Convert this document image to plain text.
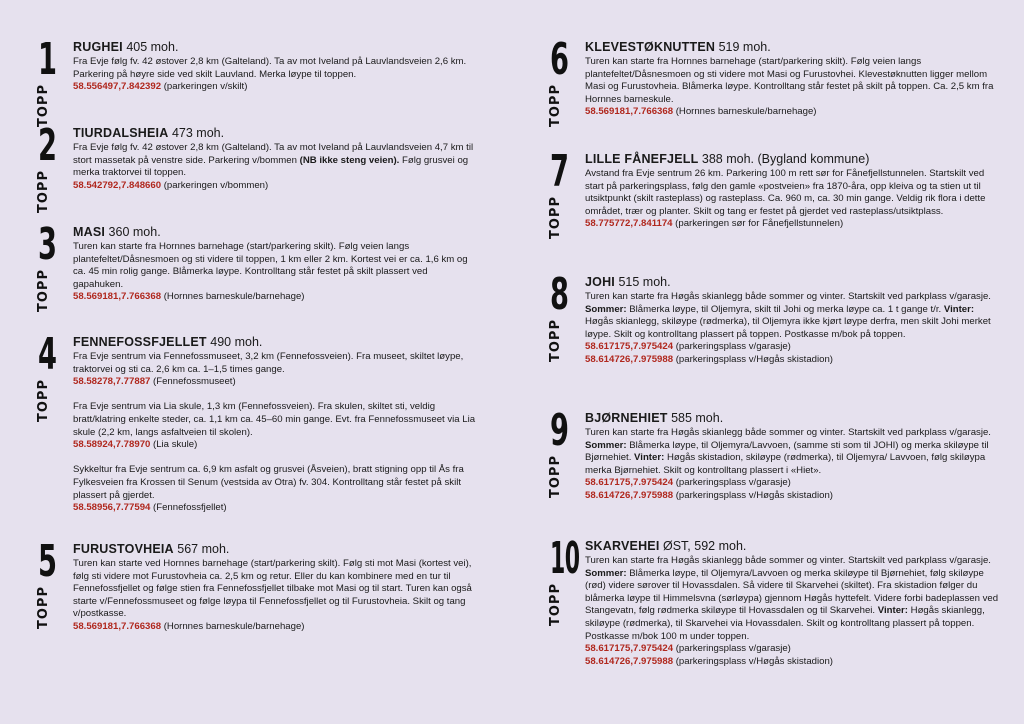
1
TOPP

RUGHEI 405 moh.

Fra Evje følg fv. 42 østover 2,8 km (Galteland). Ta av mot Iveland på Lauvlandsveien 2,6 km. Parkering på høyre side ved skilt Lauvland. Merka løype til toppen.

58.556497,7.842392 (parkeringen v/skilt)

2
TOPP

TIURDALSHEIA 473 moh.

Fra Evje følg fv. 42 østover 2,8 km (Galteland). Ta av mot Iveland på Lauvlandsveien 4,7 km til stort massetak på venstre side. Parkering v/bommen (NB ikke steng veien). Følg grusvei og merka traktorvei til toppen.

58.542792,7.848660 (parkeringen v/bommen)

3
TOPP

MASI 360 moh.

Turen kan starte fra Hornnes barnehage (start/parkering skilt). Følg veien langs plantefeltet/Dåsnesmoen og sti videre til toppen, 1 km eller 2 km. Kortest vei er ca. 1,6 km og ca. 45 min rolig gange. Blåmerka løype. Kontrolltang står festet på skilt plassert ved gapahuken.

58.569181,7.766368 (Hornnes barneskule/barnehage)

4
TOPP

FENNEFOSSFJELLET 490 moh.

Fra Evje sentrum via Fennefossmuseet, 3,2 km (Fennefossveien). Fra museet, skiltet løype, traktorvei og sti ca. 2,6 km ca. 1–1,5 times gange.

58.58278,7.77887 (Fennefossmuseet)

Fra Evje sentrum via Lia skule, 1,3 km (Fennefossveien). Fra skulen, skiltet sti, veldig bratt/klatring enkelte steder, ca. 1,1 km ca. 45–60 min gange. Evt. fra Fennefossmuseet via Lia skule (2,2 km, langs asfaltveien til skolen).

58.58924,7.78970 (Lia skule)

Sykkeltur fra Evje sentrum ca. 6,9 km asfalt og grusvei (Åsveien), bratt stigning opp til Ås fra Fylkesveien fra Krossen til Senum (vestsida av Otra) fv. 304. Kontrolltang står festet på skilt plassert på gjerdet.

58.58956,7.77594 (Fennefossfjellet)

5
TOPP

FURUSTOVHEIA 567 moh.

Turen kan starte ved Hornnes barnehage (start/parkering skilt). Følg sti mot Masi (kortest vei), følg sti videre mot Furustovheia ca. 2,5 km og retur. Eller du kan kombinere med en tur til Fennefossfjellet og følge stien fra Fennefossfjellet tilbake mot Masi og til start. Turen kan også starte v/Fennefossmuseet og følge løypa til Fennefossfjellet og til Furustovheia. Skilt og tang v/postkasse.

58.569181,7.766368 (Hornnes barneskule/barnehage)

6
TOPP

KLEVESTØKNUTTEN 519 moh.

Turen kan starte fra Hornnes barnehage (start/parkering skilt). Følg veien langs plantefeltet/Dåsnesmoen og sti videre mot Masi og Furustovhei. Klevestøknutten ligger mellom Masi og Furustovheia. Blåmerka løype. Kontrolltang står festet på skilt på toppen. Ca. 2,5 km fra Hornnes barneskule.

58.569181,7.766368 (Hornnes barneskule/barnehage)

7
TOPP

LILLE FÅNEFJELL 388 moh. (Bygland kommune)

Avstand fra Evje sentrum 26 km. Parkering 100 m rett sør for Fånefjellstunnelen. Startskilt ved start på parkeringsplass, følg den gamle «postveien» fra 1870-åra, opp kleiva og ta stien ut til utsiktpunkt (skilt rasteplass) og rasteplass. Ca. 960 m, ca. 30 min gange. Veldig rik flora i dette området, trær og planter. Skilt og tang er festet på gjerdet ved rasteplass/utsiktplass.

58.775772,7.841174 (parkeringen sør for Fånefjellstunnelen)

8
TOPP

JOHI 515 moh.

Turen kan starte fra Høgås skianlegg både sommer og vinter. Startskilt ved parkplass v/garasje. Sommer: Blåmerka løype, til Oljemyra, skilt til Johi og merka løype ca. 1 t gange t/r. Vinter: Høgås skianlegg, skiløype (rødmerka), til Oljemyra ikke kjørt løype derfra, men skilt Johi merket løype. Skilt og kontrolltang plassert på toppen. Postkasse m/bok på toppen.

58.617175,7.975424 (parkeringsplass v/garasje)

58.614726,7.975988 (parkeringsplass v/Høgås skistadion)

9
TOPP

BJØRNEHIET 585 moh.

Turen kan starte fra Høgås skianlegg både sommer og vinter. Startskilt ved parkplass v/garasje. Sommer: Blåmerka løype, til Oljemyra/Lavvoen, (samme sti som til JOHI) og merka skiløype til Bjørnehiet. Vinter: Høgås skistadion, skiløype (rødmerka), til Oljemyra/ Lavvoen, følg skiløypa merka Bjørnehiet. Skilt og kontrolltang plassert i «Hiet».

58.617175,7.975424 (parkeringsplass v/garasje)

58.614726,7.975988 (parkeringsplass v/Høgås skistadion)

10
TOPP

SKARVEHEI ØST, 592 moh.

Turen kan starte fra Høgås skianlegg både sommer og vinter. Startskilt ved parkplass v/garasje. Sommer: Blåmerka løype, til Oljemyra/Lavvoen og merka skiløype til Bjørnehiet, følg skiløype (rød) videre sørover til Hovassdalen. Så videre til Skarvehei (skiltet). Fra skistadion følger du blåmerka løype til Himmelsvna (sørløypa) gjennom Høgås hyttefelt. Videre forbi badeplassen ved Stangevatn, følg rødmerka skiløype til Hovassdalen og til Skarvehei. Vinter: Høgås skianlegg, skiløype (rødmerka), til Skarvehei via Hovassdalen. Skilt og kontrolltang plassert på toppen. Postkasse m/bok 100 m under toppen.

58.617175,7.975424 (parkeringsplass v/garasje)

58.614726,7.975988 (parkeringsplass v/Høgås skistadion)
